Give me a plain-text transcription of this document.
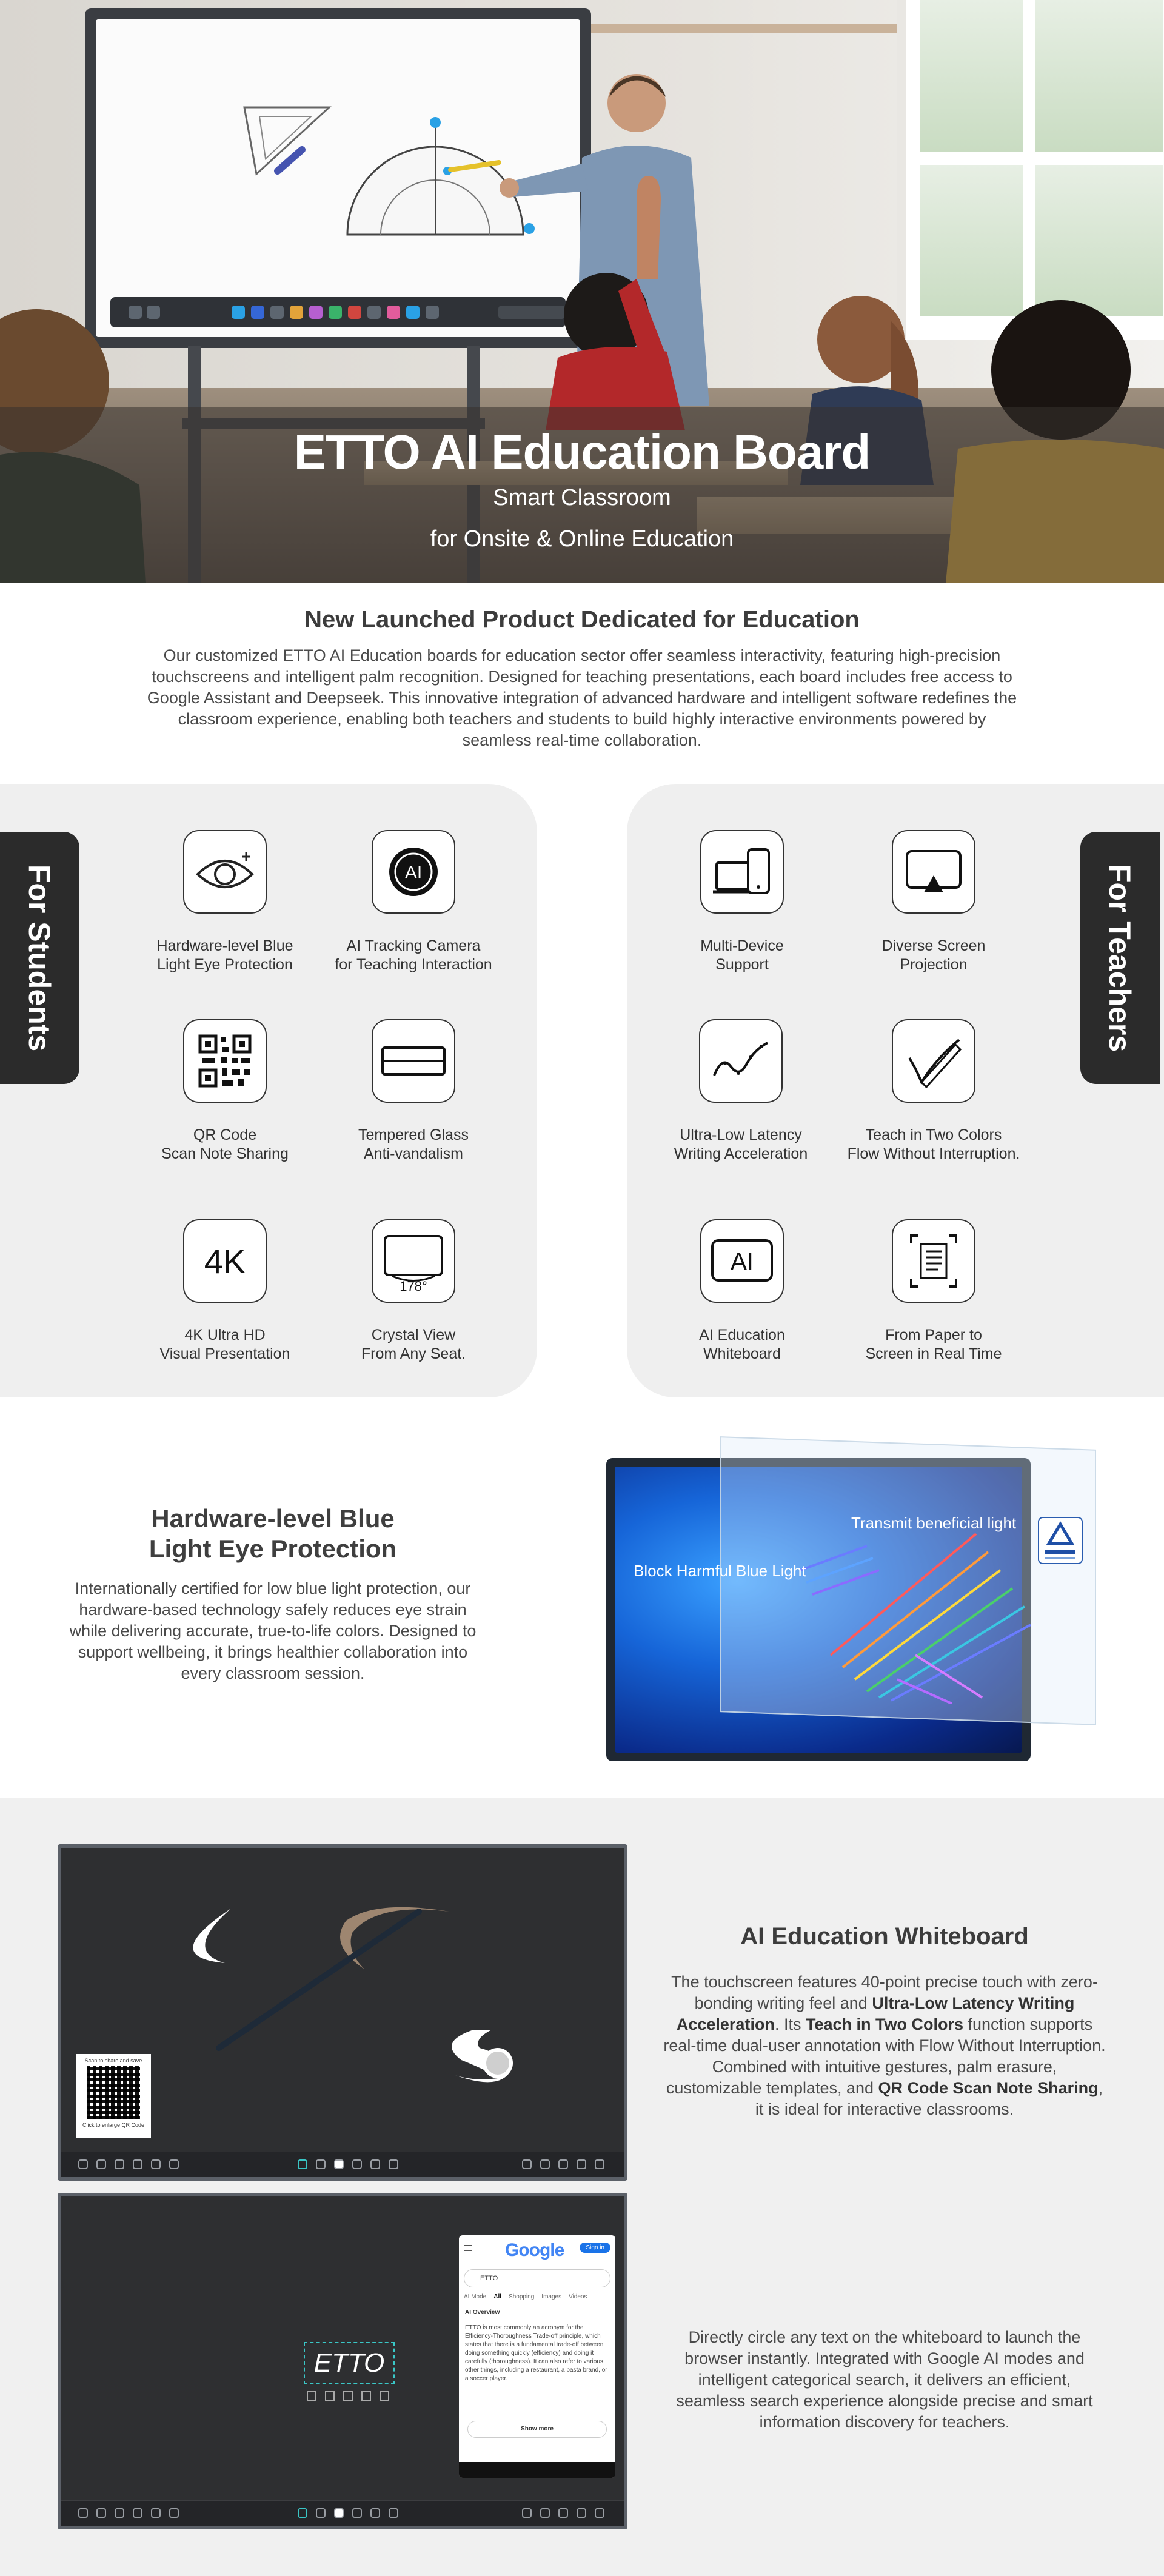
ETTO AI Education Board
Smart Classroom
for Onsite & Online Education
New Launched Product Dedicated for Education

Our customized ETTO AI Education boards for education sector offer seamless interactivity, featuring high-precision touchscreens and intelligent palm recognition. Designed for teaching presentations, each board includes free access to Google Assistant and Deepseek. This innovative integration of advanced hardware and intelligent software redefines the classroom experience, enabling both teachers and students to build highly interactive environments powered by seamless real-time collaboration.

For Students	Hardware-level Blue
Light Eye Protection
AI
AI Tracking Camera
for Teaching Interaction
QR Code
Scan Note Sharing
Tempered Glass
Anti-vandalism
4K
4K Ultra HD
Visual Presentation
178°
Crystal View
From Any Seat.
For Teachers
Multi-Device
Support
Diverse Screen
Projection
Ultra-Low Latency
Writing Acceleration
Teach in Two Colors
Flow Without Interruption.
AI
AI Education
Whiteboard
From Paper to
Screen in Real Time
Hardware-level Blue
Light Eye Protection

Internationally certified for low blue light protection, our hardware-based technology safely reduces eye strain while delivering accurate, true-to-life colors. Designed to support wellbeing, it brings healthier collaboration into every classroom session.

Block Harmful Blue Light
Transmit beneficial light
Scan to share and save
Click to enlarge QR Code
ETTO
Google	Sign in
ETTO
AI Mode All Shopping Images Videos
AI Overview
ETTO is most commonly an acronym for the Efficiency-Thoroughness Trade-off principle, which states that there is a fundamental trade-off between doing something quickly (efficiency) and doing it carefully (thoroughness). It can also refer to various other things, including a restaurant, a pasta brand, or a soccer player.
Show more
AI Education Whiteboard

The touchscreen features 40-point precise touch with zero-bonding writing feel and Ultra-Low Latency Writing Acceleration. Its Teach in Two Colors function supports real-time dual-user annotation with Flow Without Interruption. Combined with intuitive gestures, palm erasure, customizable templates, and QR Code Scan Note Sharing, it is ideal for interactive classrooms.

Directly circle any text on the whiteboard to launch the browser instantly. Integrated with Google AI modes and intelligent categorical search, it delivers an efficient, seamless search experience alongside precise and smart information discovery for teachers.
